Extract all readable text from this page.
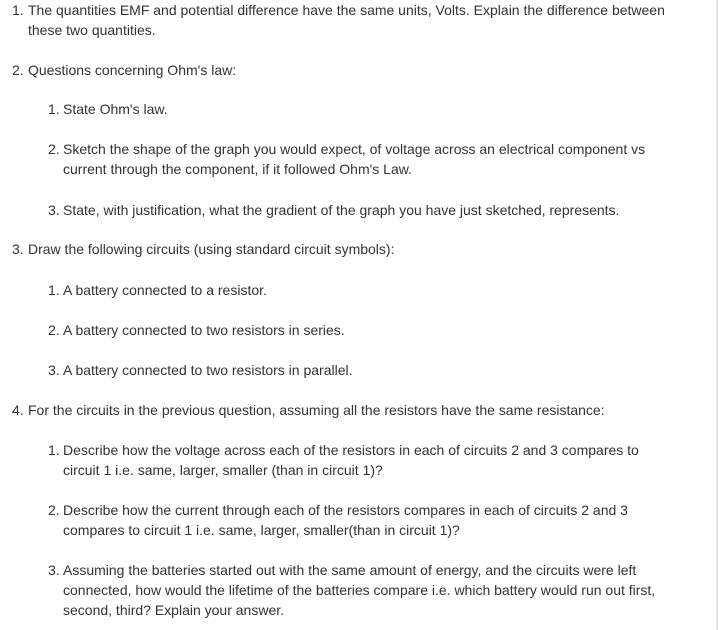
1. The quantities EMF and potential difference have the same units, Volts. Explain the difference between these two quantities.
2. Questions concerning Ohm's law:
1. State Ohm's law.
2. Sketch the shape of the graph you would expect, of voltage across an electrical component vs current through the component, if it followed Ohm's Law.
3. State, with justification, what the gradient of the graph you have just sketched, represents.
3. Draw the following circuits (using standard circuit symbols):
1. A battery connected to a resistor.
2. A battery connected to two resistors in series.
3. A battery connected to two resistors in parallel.
4. For the circuits in the previous question, assuming all the resistors have the same resistance:
1. Describe how the voltage across each of the resistors in each of circuits 2 and 3 compares to circuit 1 i.e. same, larger, smaller (than in circuit 1)?
2. Describe how the current through each of the resistors compares in each of circuits 2 and 3 compares to circuit 1 i.e. same, larger, smaller(than in circuit 1)?
3. Assuming the batteries started out with the same amount of energy, and the circuits were left connected, how would the lifetime of the batteries compare i.e. which battery would run out first, second, third? Explain your answer.
